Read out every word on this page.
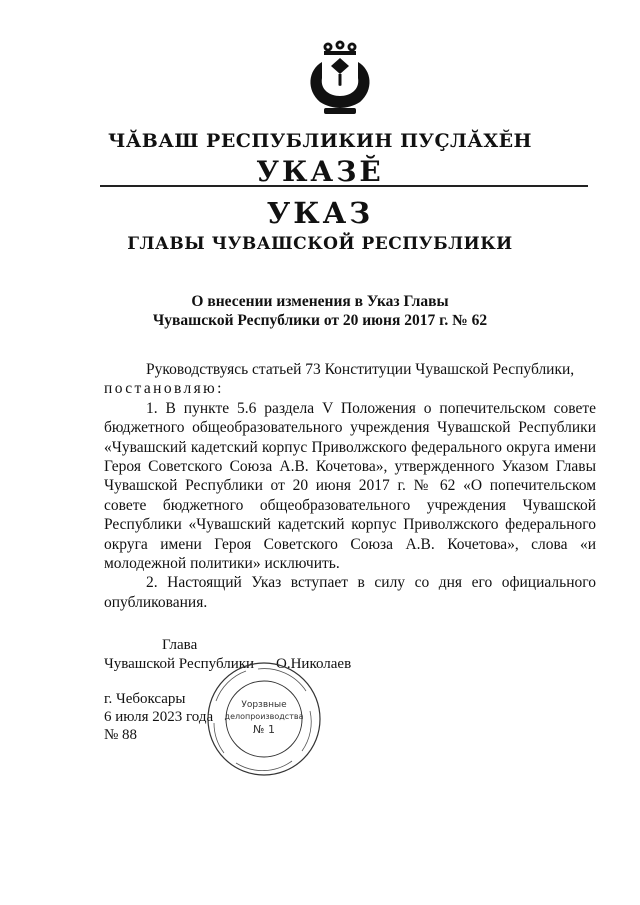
ЧӐВАШ РЕСПУБЛИКИН ПУҪЛӐХӖН
УКАЗӖ
УКАЗ
ГЛАВЫ ЧУВАШСКОЙ РЕСПУБЛИКИ
О внесении изменения в Указ Главы
Чувашской Республики от 20 июня 2017 г. № 62

Руководствуясь статьей 73 Конституции Чувашской Республики,

постановляю:

1. В пункте 5.6 раздела V Положения о попечительском совете бюджетного общеобразовательного учреждения Чувашской Республики «Чувашский кадетский корпус Приволжского федерального округа имени Героя Советского Союза А.В. Кочетова», утвержденного Указом Главы Чувашской Республики от 20 июня 2017 г. № 62 «О попечительском совете бюджетного общеобразовательного учреждения Чувашской Республики «Чувашский кадетский корпус Приволжского федерального округа имени Героя Советского Союза А.В. Кочетова», слова «и молодежной политики» исключить.

2. Настоящий Указ вступает в силу со дня его официального опубликования.

Глава
Чувашской Республики О.Николаев
г. Чебоксары
6 июля 2023 года
№ 88
Уорзвные
делопроизводства
№ 1
